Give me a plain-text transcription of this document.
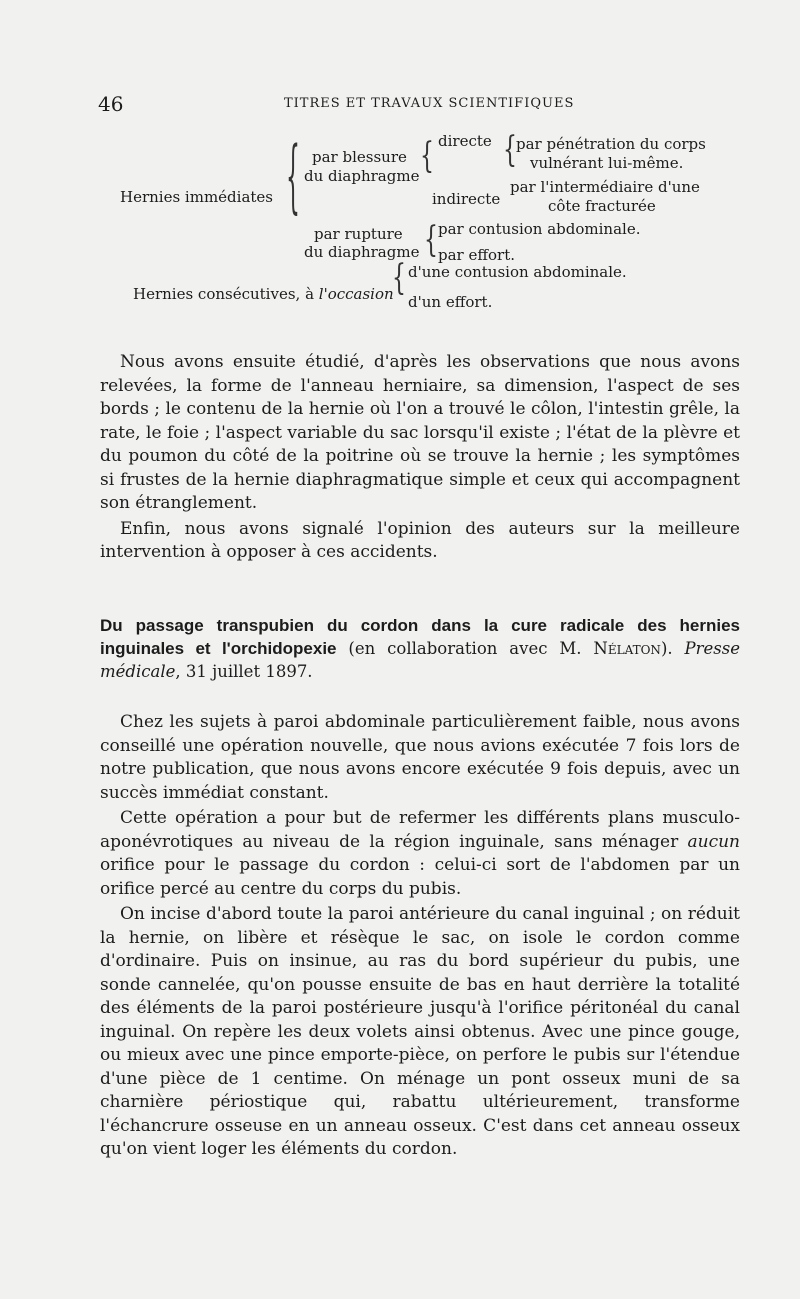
46	TITRES ET TRAVAUX SCIENTIFIQUES
Hernies immédiates { par blessure
du diaphragme { directe { par pénétration du corps
vulnérant lui-même.
indirecte
par l'intermédiaire d'une
côte fracturée
par rupture
du diaphragme { par contusion abdominale.
par effort.
Hernies consécutives, à l'occasion
{ d'une contusion abdominale.
d'un effort.

Nous avons ensuite étudié, d'après les observations que nous avons relevées, la forme de l'anneau herniaire, sa dimension, l'aspect de ses bords ; le contenu de la hernie où l'on a trouvé le côlon, l'intestin grêle, la rate, le foie ; l'aspect variable du sac lorsqu'il existe ; l'état de la plèvre et du poumon du côté de la poitrine où se trouve la hernie ; les symptômes si frustes de la hernie diaphragmatique simple et ceux qui accompagnent son étranglement.

Enfin, nous avons signalé l'opinion des auteurs sur la meilleure intervention à opposer à ces accidents.

Du passage transpubien du cordon dans la cure radicale des hernies inguinales et l'orchidopexie (en collaboration avec M. Nélaton). Presse médicale, 31 juillet 1897.

Chez les sujets à paroi abdominale particulièrement faible, nous avons conseillé une opération nouvelle, que nous avions exécutée 7 fois lors de notre publication, que nous avons encore exécutée 9 fois depuis, avec un succès immédiat constant.

Cette opération a pour but de refermer les différents plans musculo-aponévrotiques au niveau de la région inguinale, sans ménager aucun orifice pour le passage du cordon : celui-ci sort de l'abdomen par un orifice percé au centre du corps du pubis.

On incise d'abord toute la paroi antérieure du canal inguinal ; on réduit la hernie, on libère et résèque le sac, on isole le cordon comme d'ordinaire. Puis on insinue, au ras du bord supérieur du pubis, une sonde cannelée, qu'on pousse ensuite de bas en haut derrière la totalité des éléments de la paroi postérieure jusqu'à l'orifice péritonéal du canal inguinal. On repère les deux volets ainsi obtenus. Avec une pince gouge, ou mieux avec une pince emporte-pièce, on perfore le pubis sur l'étendue d'une pièce de 1 centime. On ménage un pont osseux muni de sa charnière périostique qui, rabattu ultérieurement, transforme l'échancrure osseuse en un anneau osseux. C'est dans cet anneau osseux qu'on vient loger les éléments du cordon.
